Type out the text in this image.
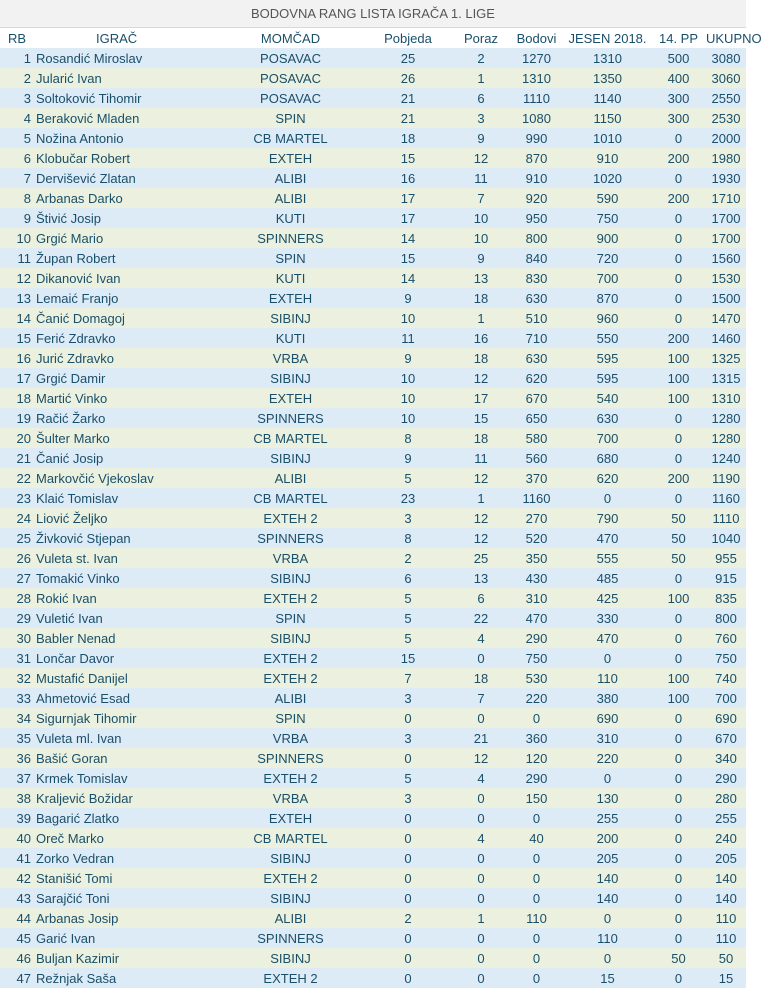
BODOVNA RANG LISTA IGRAČA 1. LIGE
RB	IGRAČ	MOMČAD	Pobjeda	Poraz	Bodovi	JESEN 2018.	14. PP	UKUPNO
1	Rosandić Miroslav	POSAVAC	25	2	1270	1310	500	3080
2	Jularić Ivan	POSAVAC	26	1	1310	1350	400	3060
3	Soltoković Tihomir	POSAVAC	21	6	1110	1140	300	2550
4	Beraković Mladen	SPIN	21	3	1080	1150	300	2530
5	Nožina Antonio	CB MARTEL	18	9	990	1010	0	2000
6	Klobučar Robert	EXTEH	15	12	870	910	200	1980
7	Dervišević Zlatan	ALIBI	16	11	910	1020	0	1930
8	Arbanas Darko	ALIBI	17	7	920	590	200	1710
9	Štivić Josip	KUTI	17	10	950	750	0	1700
10	Grgić Mario	SPINNERS	14	10	800	900	0	1700
11	Župan Robert	SPIN	15	9	840	720	0	1560
12	Dikanović Ivan	KUTI	14	13	830	700	0	1530
13	Lemaić Franjo	EXTEH	9	18	630	870	0	1500
14	Čanić Domagoj	SIBINJ	10	1	510	960	0	1470
15	Ferić Zdravko	KUTI	11	16	710	550	200	1460
16	Jurić Zdravko	VRBA	9	18	630	595	100	1325
17	Grgić Damir	SIBINJ	10	12	620	595	100	1315
18	Martić Vinko	EXTEH	10	17	670	540	100	1310
19	Račić Žarko	SPINNERS	10	15	650	630	0	1280
20	Šulter Marko	CB MARTEL	8	18	580	700	0	1280
21	Čanić Josip	SIBINJ	9	11	560	680	0	1240
22	Markovčić Vjekoslav	ALIBI	5	12	370	620	200	1190
23	Klaić Tomislav	CB MARTEL	23	1	1160	0	0	1160
24	Liović Željko	EXTEH 2	3	12	270	790	50	1110
25	Živković Stjepan	SPINNERS	8	12	520	470	50	1040
26	Vuleta st. Ivan	VRBA	2	25	350	555	50	955
27	Tomakić Vinko	SIBINJ	6	13	430	485	0	915
28	Rokić Ivan	EXTEH 2	5	6	310	425	100	835
29	Vuletić Ivan	SPIN	5	22	470	330	0	800
30	Babler Nenad	SIBINJ	5	4	290	470	0	760
31	Lončar Davor	EXTEH 2	15	0	750	0	0	750
32	Mustafić Danijel	EXTEH 2	7	18	530	110	100	740
33	Ahmetović Esad	ALIBI	3	7	220	380	100	700
34	Sigurnjak Tihomir	SPIN	0	0	0	690	0	690
35	Vuleta ml. Ivan	VRBA	3	21	360	310	0	670
36	Bašić Goran	SPINNERS	0	12	120	220	0	340
37	Krmek Tomislav	EXTEH 2	5	4	290	0	0	290
38	Kraljević Božidar	VRBA	3	0	150	130	0	280
39	Bagarić Zlatko	EXTEH	0	0	0	255	0	255
40	Oreč Marko	CB MARTEL	0	4	40	200	0	240
41	Zorko Vedran	SIBINJ	0	0	0	205	0	205
42	Stanišić Tomi	EXTEH 2	0	0	0	140	0	140
43	Sarajčić Toni	SIBINJ	0	0	0	140	0	140
44	Arbanas Josip	ALIBI	2	1	110	0	0	110
45	Garić Ivan	SPINNERS	0	0	0	110	0	110
46	Buljan Kazimir	SIBINJ	0	0	0	0	50	50
47	Režnjak Saša	EXTEH 2	0	0	0	15	0	15
